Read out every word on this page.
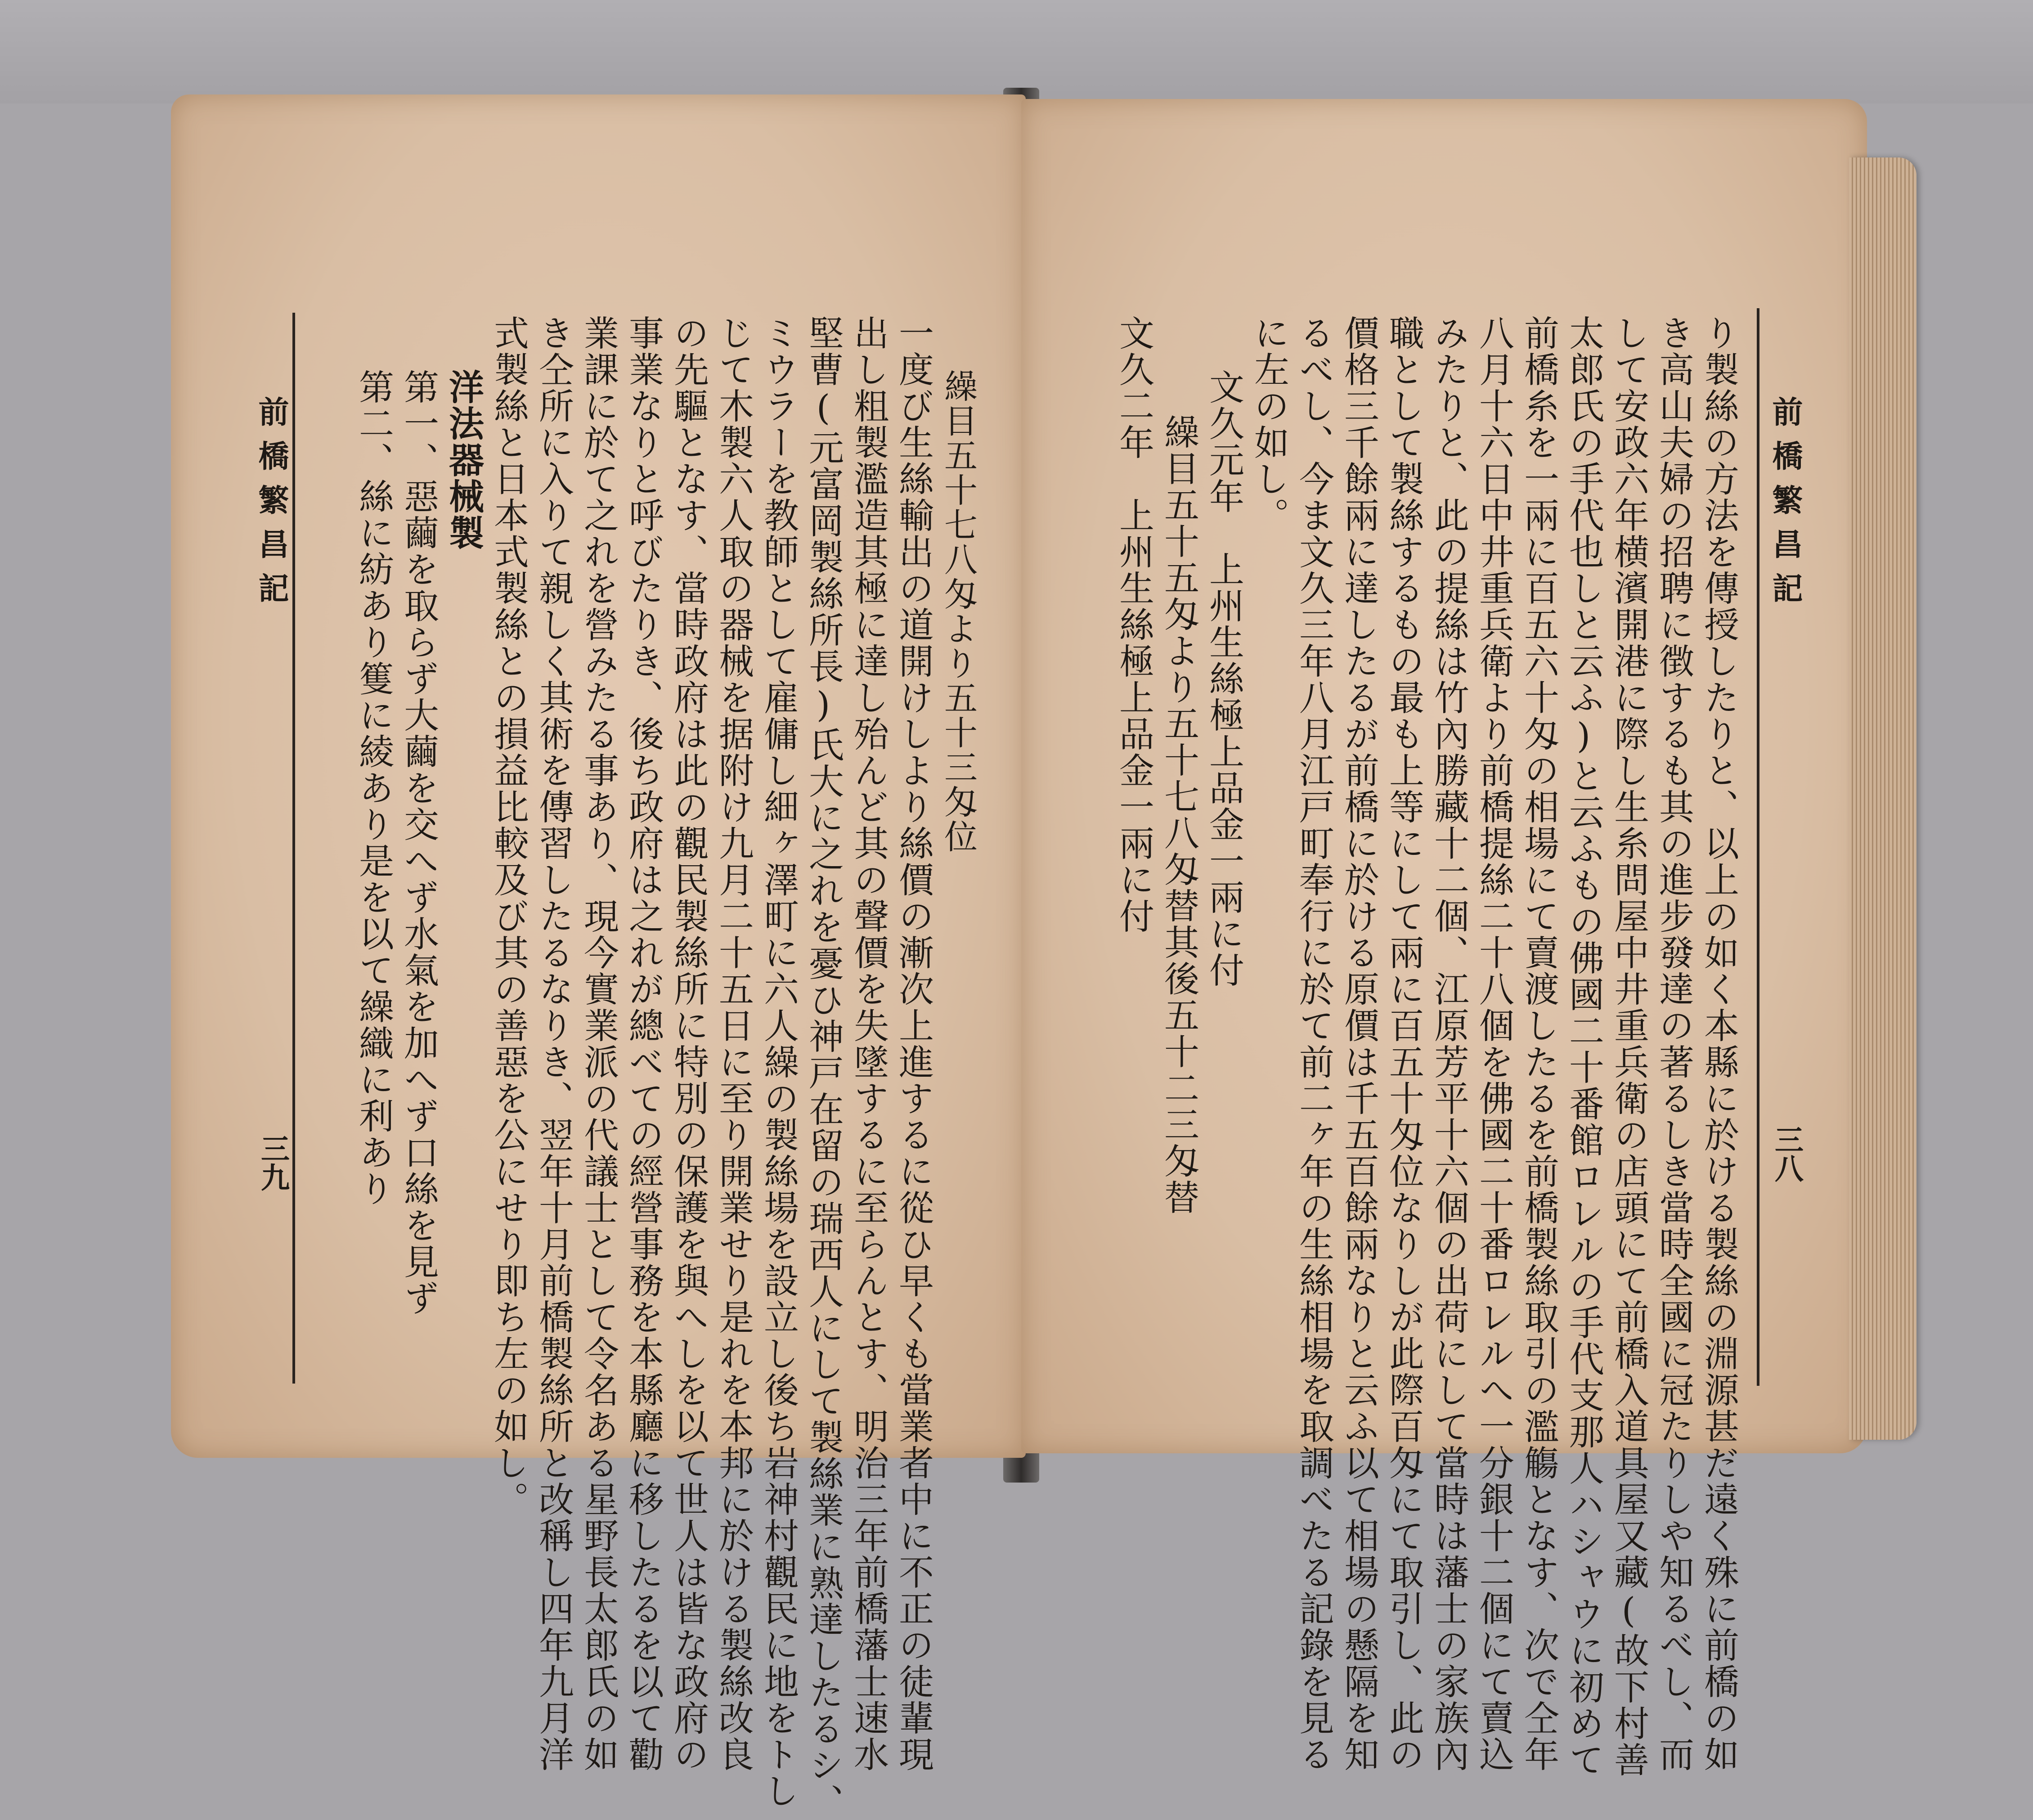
前橋繁昌記
三九

繰目五十七八匁より五十三匁位

一度び生絲輸出の道開けしより絲價の漸次上進するに從ひ早くも當業者中に不正の徒輩現

出し粗製濫造其極に達し殆んど其の聲價を失墜するに至らんとす、明治三年前橋藩士速水

堅曹(元富岡製絲所長)氏大に之れを憂ひ神戸在留の瑞西人にして製絲業に熟達したるシ、

ミウラーを教師として雇傭し細ヶ澤町に六人繰の製絲場を設立し後ち岩神村觀民に地をトし

じて木製六人取の器械を据附け九月二十五日に至り開業せり是れを本邦に於ける製絲改良

の先驅となす、當時政府は此の觀民製絲所に特別の保護を與へしを以て世人は皆な政府の

事業なりと呼びたりき、後ち政府は之れが總べての經營事務を本縣廳に移したるを以て勸

業課に於て之れを營みたる事あり、現今實業派の代議士として令名ある星野長太郎氏の如

き仝所に入りて親しく其術を傳習したるなりき、翌年十月前橋製絲所と改稱し四年九月洋

式製絲と日本式製絲との損益比較及び其の善惡を公にせり即ち左の如し。

洋法器械製

第一、惡繭を取らず大繭を交へず水氣を加へず口絲を見ず

第二、絲に紡あり篗に綾あり是を以て繰織に利あり	前橋繁昌記
三八

り製絲の方法を傳授したりと、以上の如く本縣に於ける製絲の淵源甚だ遠く殊に前橋の如

き高山夫婦の招聘に徴するも其の進步發達の著るしき當時全國に冠たりしや知るべし、而

して安政六年横濱開港に際し生糸問屋中井重兵衛の店頭にて前橋入道具屋又藏(故下村善

太郎氏の手代也しと云ふ)と云ふもの佛國二十番館ロレルの手代支那人ハシャウに初めて

前橋糸を一兩に百五六十匁の相場にて賣渡したるを前橋製絲取引の濫觴となす、次で仝年

八月十六日中井重兵衛より前橋提絲二十八個を佛國二十番ロレルへ一分銀十二個にて賣込

みたりと、此の提絲は竹內勝藏十二個、江原芳平十六個の出荷にして當時は藩士の家族內

職として製絲するもの最も上等にして兩に百五十匁位なりしが此際百匁にて取引し、此の

價格三千餘兩に達したるが前橋に於ける原價は千五百餘兩なりと云ふ以て相場の懸隔を知

るべし、今ま文久三年八月江戸町奉行に於て前二ヶ年の生絲相場を取調べたる記錄を見る

に左の如し。

文久元年　上州生絲極上品金一兩に付

繰目五十五匁より五十七八匁替其後五十二三匁替

文久二年　上州生絲極上品金一兩に付
